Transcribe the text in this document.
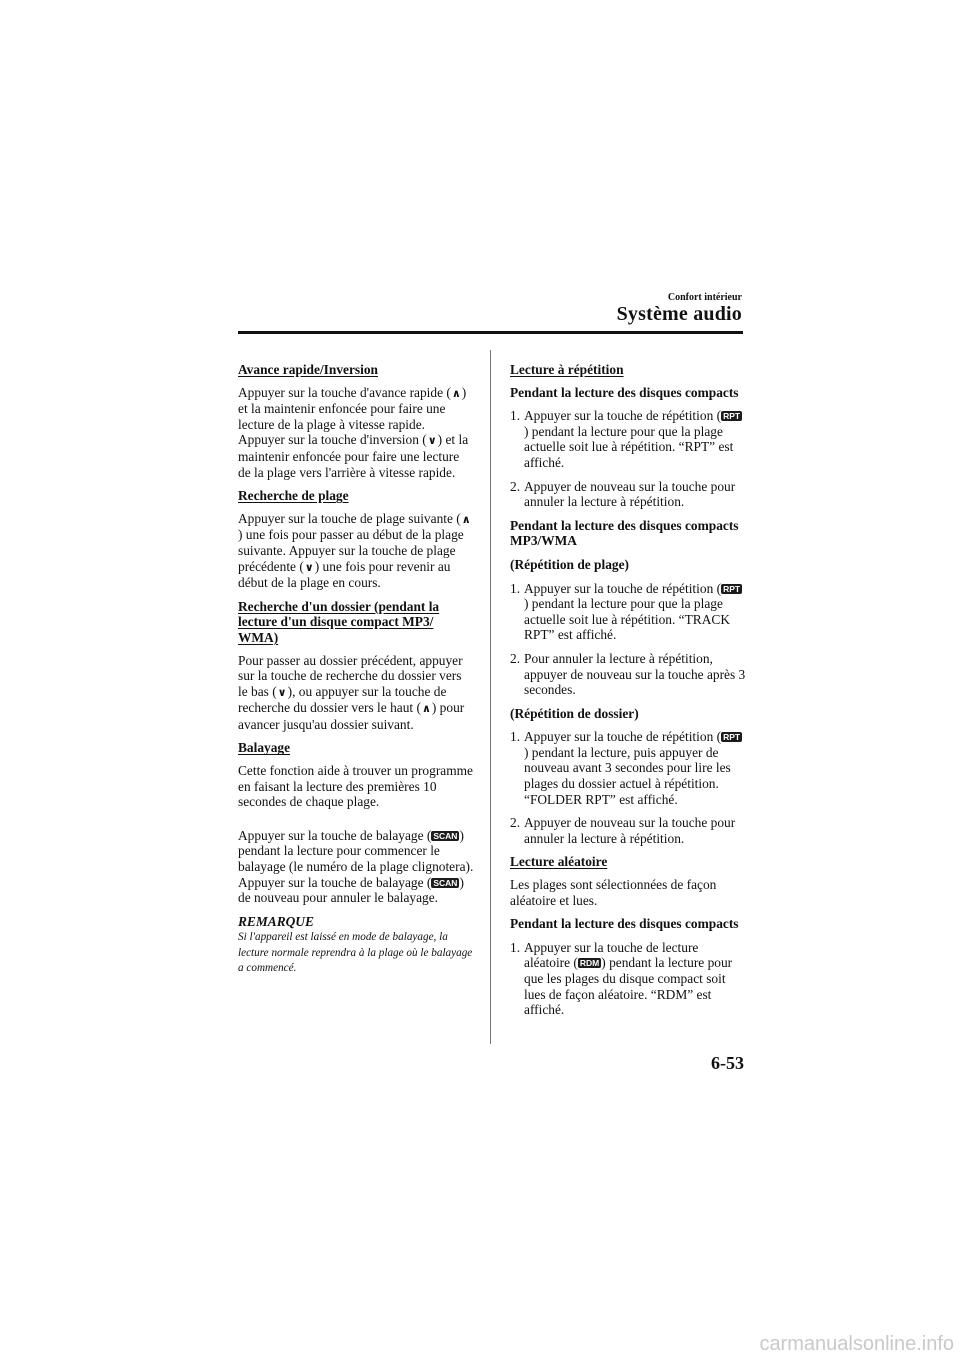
Confort intérieur
Système audio
Avance rapide/Inversion
Appuyer sur la touche d'avance rapide (∧) et la maintenir enfoncée pour faire une lecture de la plage à vitesse rapide. Appuyer sur la touche d'inversion (∨) et la maintenir enfoncée pour faire une lecture de la plage vers l'arrière à vitesse rapide.
Recherche de plage
Appuyer sur la touche de plage suivante (∧) une fois pour passer au début de la plage suivante. Appuyer sur la touche de plage précédente (∨) une fois pour revenir au début de la plage en cours.
Recherche d'un dossier (pendant la lecture d'un disque compact MP3/ WMA)
Pour passer au dossier précédent, appuyer sur la touche de recherche du dossier vers le bas (∨), ou appuyer sur la touche de recherche du dossier vers le haut (∧) pour avancer jusqu'au dossier suivant.
Balayage
Cette fonction aide à trouver un programme en faisant la lecture des premières 10 secondes de chaque plage.
Appuyer sur la touche de balayage ( SCAN ) pendant la lecture pour commencer le balayage (le numéro de la plage clignotera). Appuyer sur la touche de balayage ( SCAN ) de nouveau pour annuler le balayage.
REMARQUE
Si l'appareil est laissé en mode de balayage, la lecture normale reprendra à la plage où le balayage a commencé.
Lecture à répétition
Pendant la lecture des disques compacts
1. Appuyer sur la touche de répétition ( RPT) pendant la lecture pour que la plage actuelle soit lue à répétition. “RPT” est affiché.
2. Appuyer de nouveau sur la touche pour annuler la lecture à répétition.
Pendant la lecture des disques compacts MP3/WMA
(Répétition de plage)
1. Appuyer sur la touche de répétition ( RPT) pendant la lecture pour que la plage actuelle soit lue à répétition. “TRACK RPT” est affiché.
2. Pour annuler la lecture à répétition, appuyer de nouveau sur la touche après 3 secondes.
(Répétition de dossier)
1. Appuyer sur la touche de répétition ( RPT) pendant la lecture, puis appuyer de nouveau avant 3 secondes pour lire les plages du dossier actuel à répétition. “FOLDER RPT” est affiché.
2. Appuyer de nouveau sur la touche pour annuler la lecture à répétition.
Lecture aléatoire
Les plages sont sélectionnées de façon aléatoire et lues.
Pendant la lecture des disques compacts
1. Appuyer sur la touche de lecture aléatoire ( RDM ) pendant la lecture pour que les plages du disque compact soit lues de façon aléatoire. “RDM” est affiché.
6-53
carmanualsonline.info
